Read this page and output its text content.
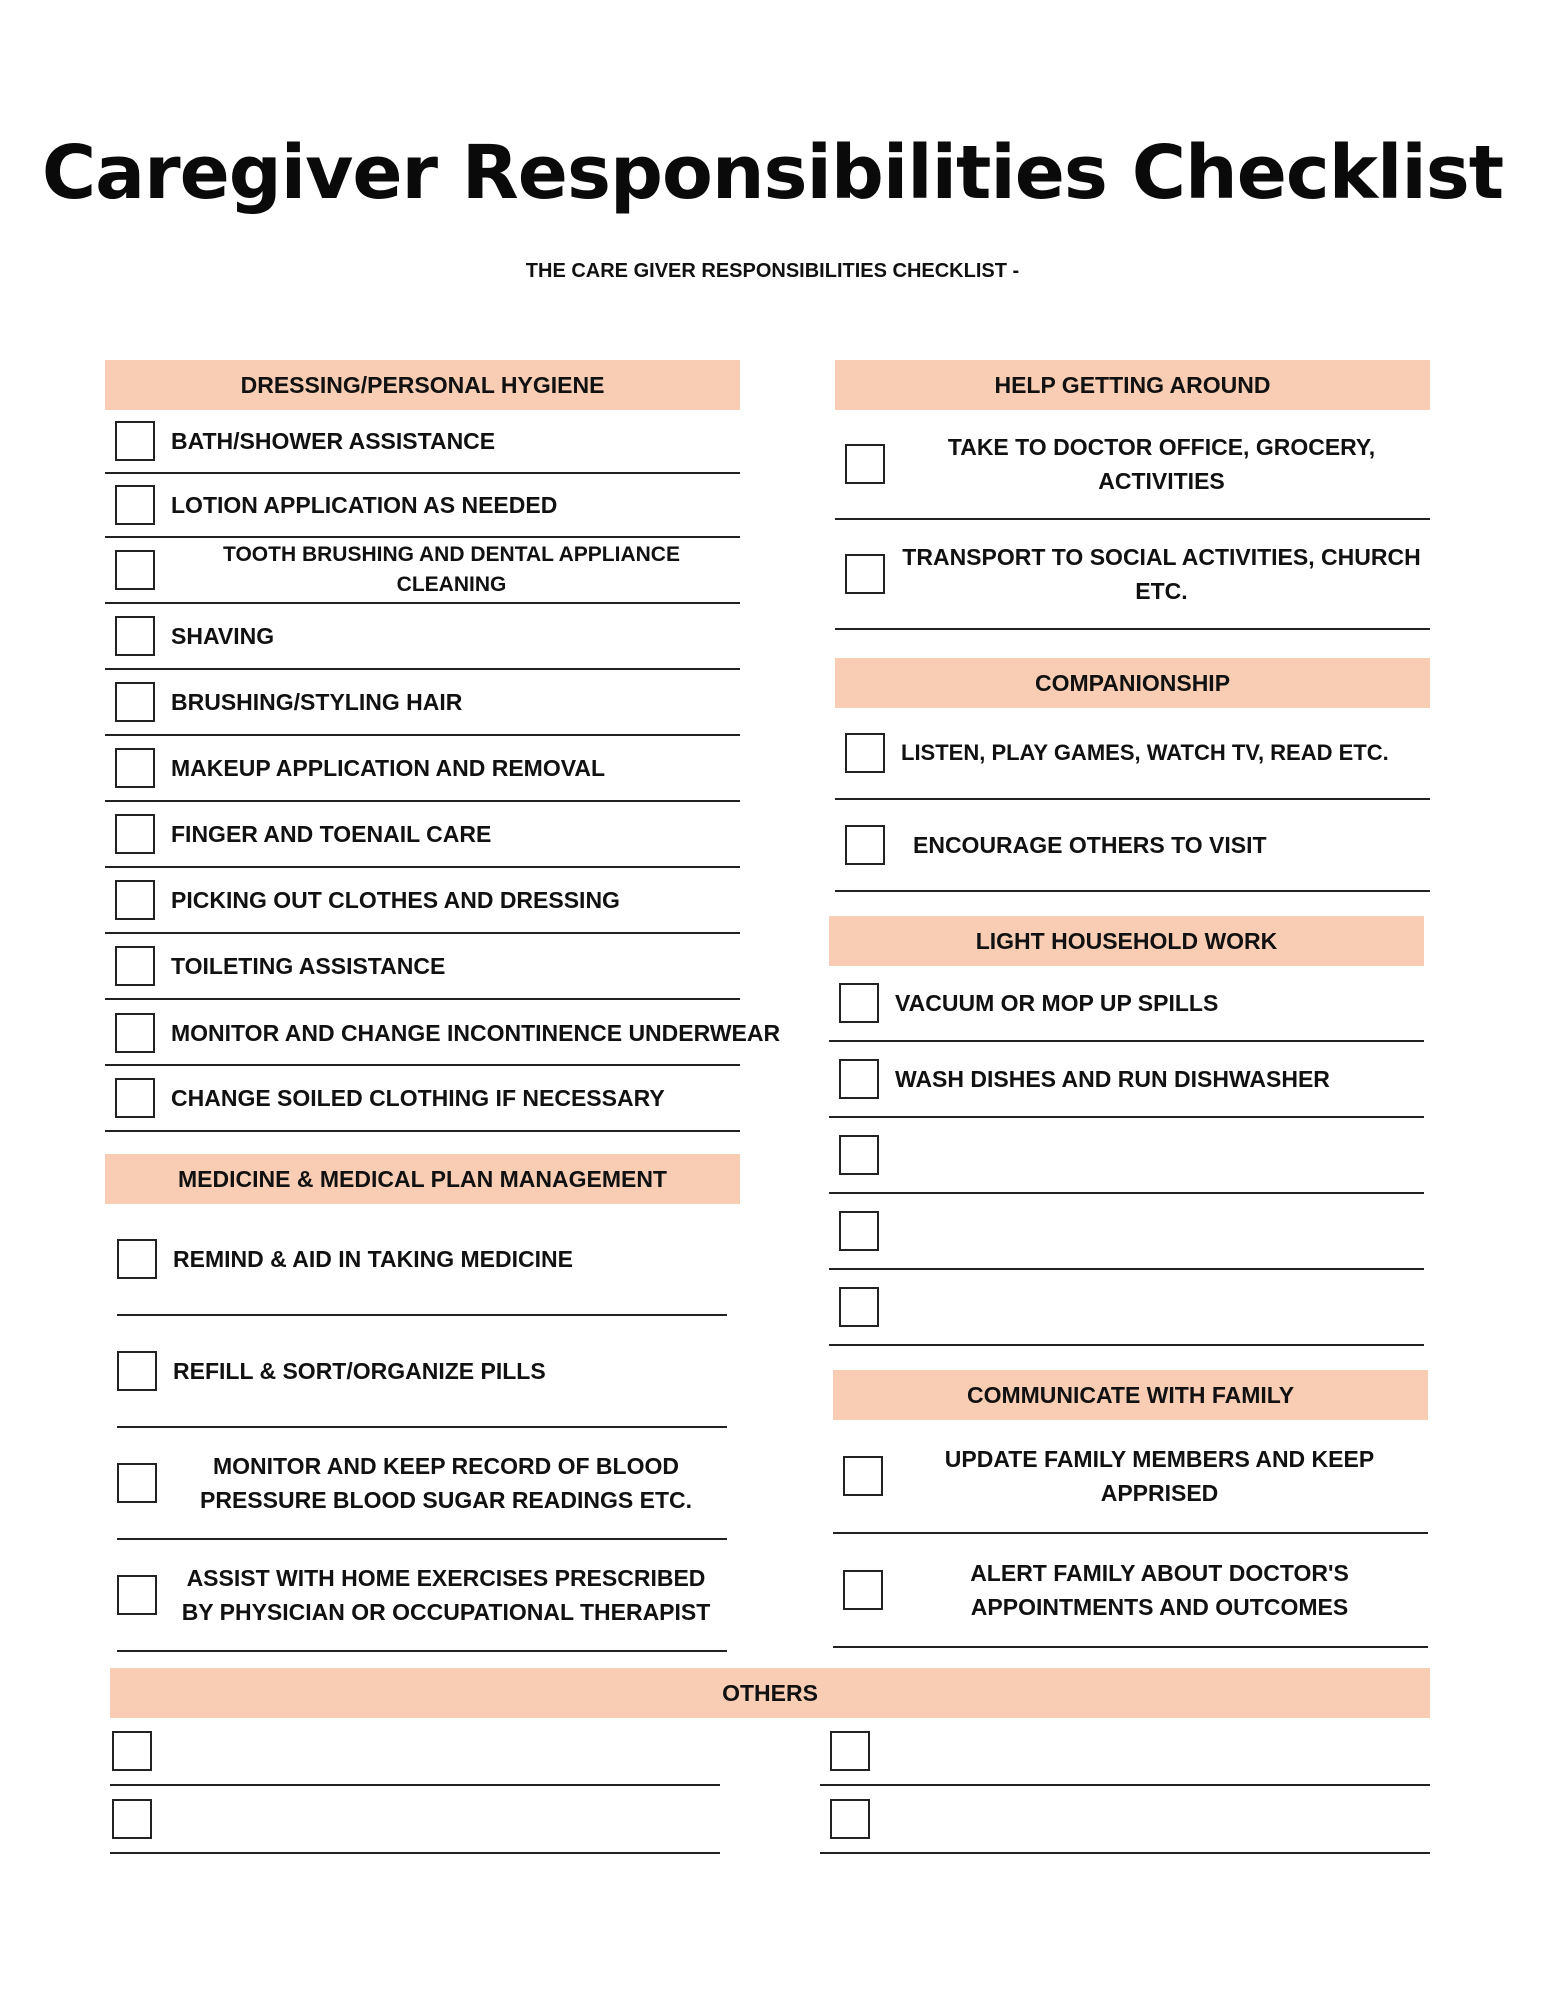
Caregiver Responsibilities Checklist
THE CARE GIVER RESPONSIBILITIES CHECKLIST -
DRESSING/PERSONAL HYGIENE
BATH/SHOWER ASSISTANCE
LOTION APPLICATION AS NEEDED
TOOTH BRUSHING AND DENTAL APPLIANCE CLEANING
SHAVING
BRUSHING/STYLING HAIR
MAKEUP APPLICATION AND REMOVAL
FINGER AND TOENAIL CARE
PICKING OUT CLOTHES AND DRESSING
TOILETING ASSISTANCE
MONITOR AND CHANGE INCONTINENCE UNDERWEAR
CHANGE SOILED CLOTHING IF NECESSARY
MEDICINE & MEDICAL PLAN MANAGEMENT
REMIND & AID IN TAKING MEDICINE
REFILL & SORT/ORGANIZE PILLS
MONITOR AND KEEP RECORD OF BLOOD PRESSURE BLOOD SUGAR READINGS ETC.
ASSIST WITH HOME EXERCISES PRESCRIBED BY PHYSICIAN OR OCCUPATIONAL THERAPIST
HELP GETTING AROUND
TAKE TO DOCTOR OFFICE, GROCERY, ACTIVITIES
TRANSPORT TO SOCIAL ACTIVITIES, CHURCH ETC.
COMPANIONSHIP
LISTEN, PLAY GAMES, WATCH TV, READ ETC.
ENCOURAGE OTHERS TO VISIT
LIGHT HOUSEHOLD WORK
VACUUM OR MOP UP SPILLS
WASH DISHES AND RUN DISHWASHER
COMMUNICATE WITH FAMILY
UPDATE FAMILY MEMBERS AND KEEP APPRISED
ALERT FAMILY ABOUT DOCTOR'S APPOINTMENTS AND OUTCOMES
OTHERS
